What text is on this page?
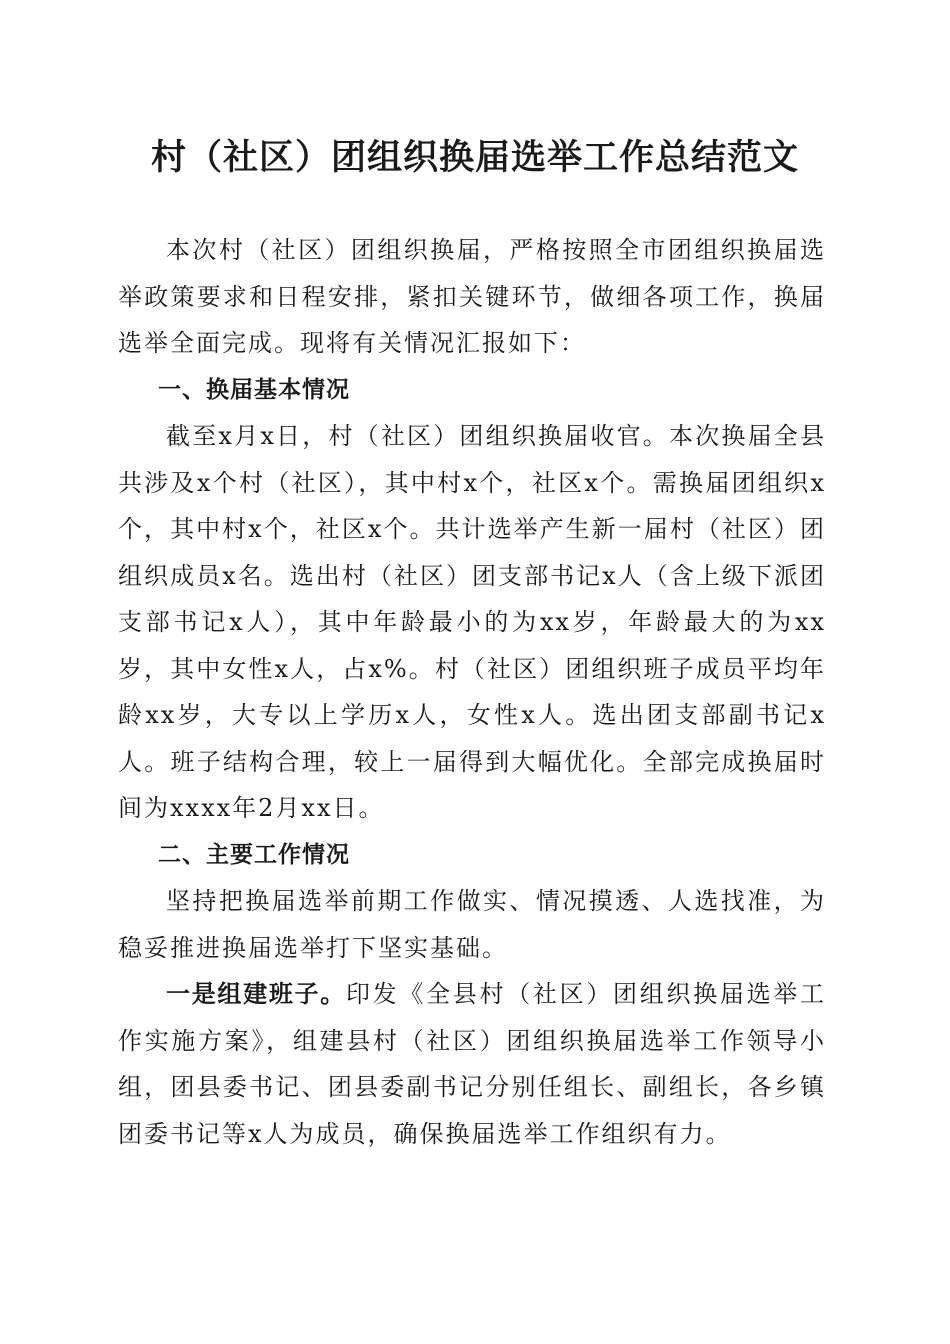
村（社区）团组织换届选举工作总结范文

本次村（社区）团组织换届，严格按照全市团组织换届选举政策要求和日程安排，紧扣关键环节，做细各项工作，换届选举全面完成。现将有关情况汇报如下：

一、换届基本情况

截至x月x日，村（社区）团组织换届收官。本次换届全县共涉及x个村（社区），其中村x个，社区x个。需换届团组织x个，其中村x个，社区x个。共计选举产生新一届村（社区）团组织成员x名。选出村（社区）团支部书记x人（含上级下派团支部书记x人），其中年龄最小的为xx岁，年龄最大的为xx岁，其中女性x人，占x%。村（社区）团组织班子成员平均年龄xx岁，大专以上学历x人，女性x人。选出团支部副书记x人。班子结构合理，较上一届得到大幅优化。全部完成换届时间为xxxx年2月xx日。

二、主要工作情况

坚持把换届选举前期工作做实、情况摸透、人选找准，为稳妥推进换届选举打下坚实基础。

一是组建班子。印发《全县村（社区）团组织换届选举工作实施方案》，组建县村（社区）团组织换届选举工作领导小组，团县委书记、团县委副书记分别任组长、副组长，各乡镇团委书记等x人为成员，确保换届选举工作组织有力。
